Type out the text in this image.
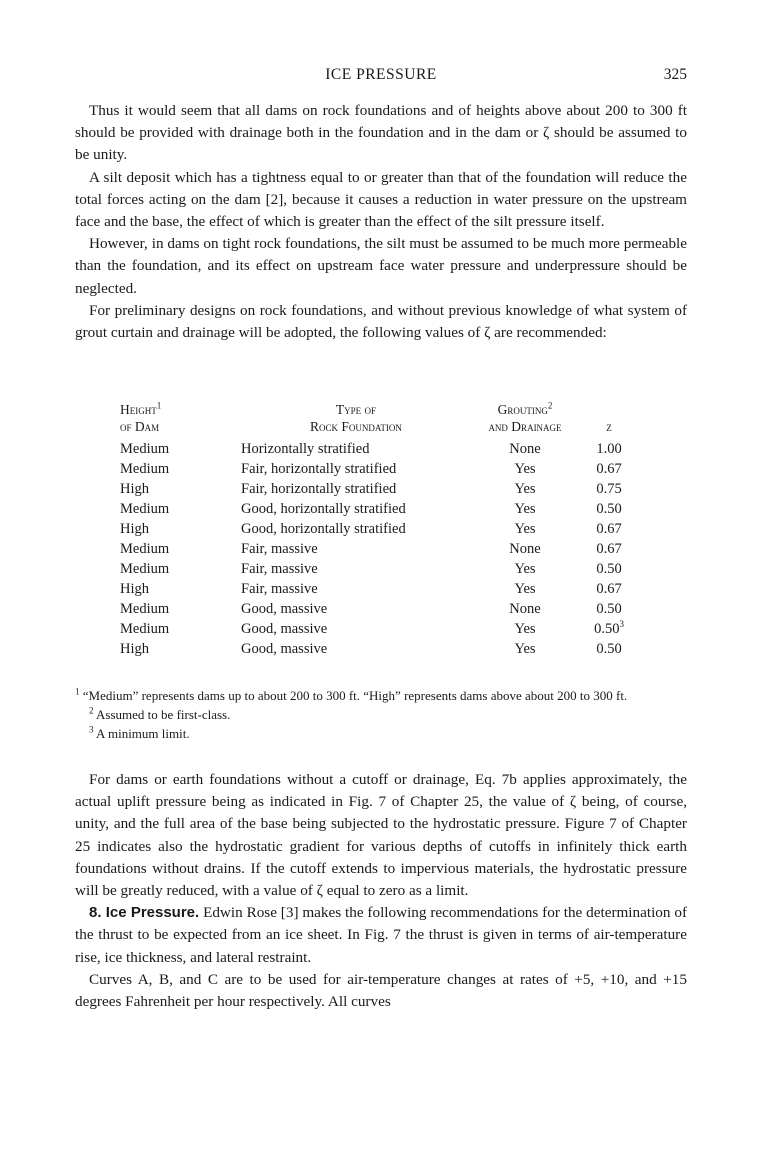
ICE PRESSURE	325

Thus it would seem that all dams on rock foundations and of heights above about 200 to 300 ft should be provided with drainage both in the foundation and in the dam or ζ should be assumed to be unity.

A silt deposit which has a tightness equal to or greater than that of the foundation will reduce the total forces acting on the dam [2], because it causes a reduction in water pressure on the upstream face and the base, the effect of which is greater than the effect of the silt pressure itself.

However, in dams on tight rock foundations, the silt must be assumed to be much more permeable than the foundation, and its effect on upstream face water pressure and underpressure should be neglected.

For preliminary designs on rock foundations, and without previous knowledge of what system of grout curtain and drainage will be adopted, the following values of ζ are recommended:

Height$^1$	Type of	Grouting$^2$	
of Dam	Rock Foundation	and Drainage	ζ
Medium	Horizontally stratified	None	1.00
Medium	Fair, horizontally stratified	Yes	0.67
High	Fair, horizontally stratified	Yes	0.75
Medium	Good, horizontally stratified	Yes	0.50
High	Good, horizontally stratified	Yes	0.67
Medium	Fair, massive	None	0.67
Medium	Fair, massive	Yes	0.50
High	Fair, massive	Yes	0.67
Medium	Good, massive	None	0.50
Medium	Good, massive	Yes	0.50$^3$
High	Good, massive	Yes	0.50

$^1$ “Medium” represents dams up to about 200 to 300 ft. “High” represents dams above about 200 to 300 ft.

$^2$ Assumed to be first-class.

$^3$ A minimum limit.

For dams or earth foundations without a cutoff or drainage, Eq. 7b applies approximately, the actual uplift pressure being as indicated in Fig. 7 of Chapter 25, the value of ζ being, of course, unity, and the full area of the base being subjected to the hydrostatic pressure. Figure 7 of Chapter 25 indicates also the hydrostatic gradient for various depths of cutoffs in infinitely thick earth foundations without drains. If the cutoff extends to impervious materials, the hydrostatic pressure will be greatly reduced, with a value of ζ equal to zero as a limit.

8. Ice Pressure. Edwin Rose [3] makes the following recommendations for the determination of the thrust to be expected from an ice sheet. In Fig. 7 the thrust is given in terms of air-temperature rise, ice thickness, and lateral restraint.

Curves A, B, and C are to be used for air-temperature changes at rates of +5, +10, and +15 degrees Fahrenheit per hour respectively. All curves
